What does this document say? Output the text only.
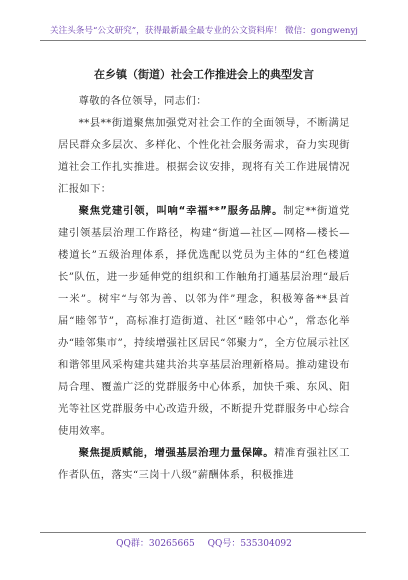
关注头条号“公文研究”，获得最新最全最专业的公文资料库！ 微信：gongwenyj
在乡镇（街道）社会工作推进会上的典型发言

尊敬的各位领导，同志们：

**县**街道聚焦加强党对社会工作的全面领导，不断满足居民群众多层次、多样化、个性化社会服务需求，奋力实现街道社会工作扎实推进。根据会议安排，现将有关工作进展情况汇报如下：

聚焦党建引领，叫响“幸福**”服务品牌。制定**街道党建引领基层治理工作路径，构建“街道—社区—网格—楼长—楼道长”五级治理体系，择优选配以党员为主体的“红色楼道长”队伍，进一步延伸党的组织和工作触角打通基层治理“最后一米”。树牢“与邻为善、以邻为伴”理念，积极筹备**县首届“睦邻节”，高标准打造街道、社区“睦邻中心”，常态化举办“睦邻集市”，持续增强社区居民“邻聚力”，全方位展示社区和谐邻里风采构建共建共治共享基层治理新格局。推动建设布局合理、覆盖广泛的党群服务中心体系，加快千乘、东风、阳光等社区党群服务中心改造升级，不断提升党群服务中心综合使用效率。

聚焦提质赋能，增强基层治理力量保障。精准育强社区工作者队伍，落实“三岗十八级”薪酬体系，积极推进

QQ群：30265665 QQ号：535304092
